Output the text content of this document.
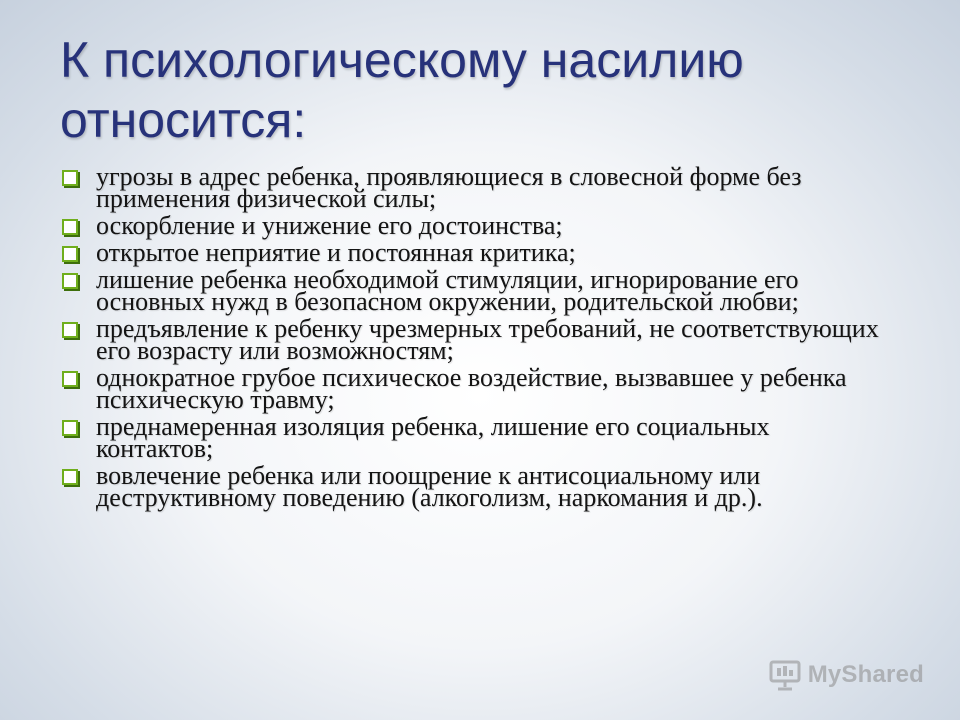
К психологическому насилию относится:
угрозы в адрес ребенка, проявляющиеся в словесной форме без применения физической силы;
оскорбление и унижение его достоинства;
открытое неприятие и постоянная критика;
лишение ребенка необходимой стимуляции, игнорирование его основных нужд в безопасном окружении, родительской любви;
предъявление к ребенку чрезмерных требований, не соответствующих его возрасту или возможностям;
однократное грубое психическое воздействие, вызвавшее у ребенка психическую травму;
преднамеренная изоляция ребенка, лишение его социальных контактов;
вовлечение ребенка или поощрение к антисоциальному или деструктивному поведению (алкоголизм, наркомания и др.).
MyShared
